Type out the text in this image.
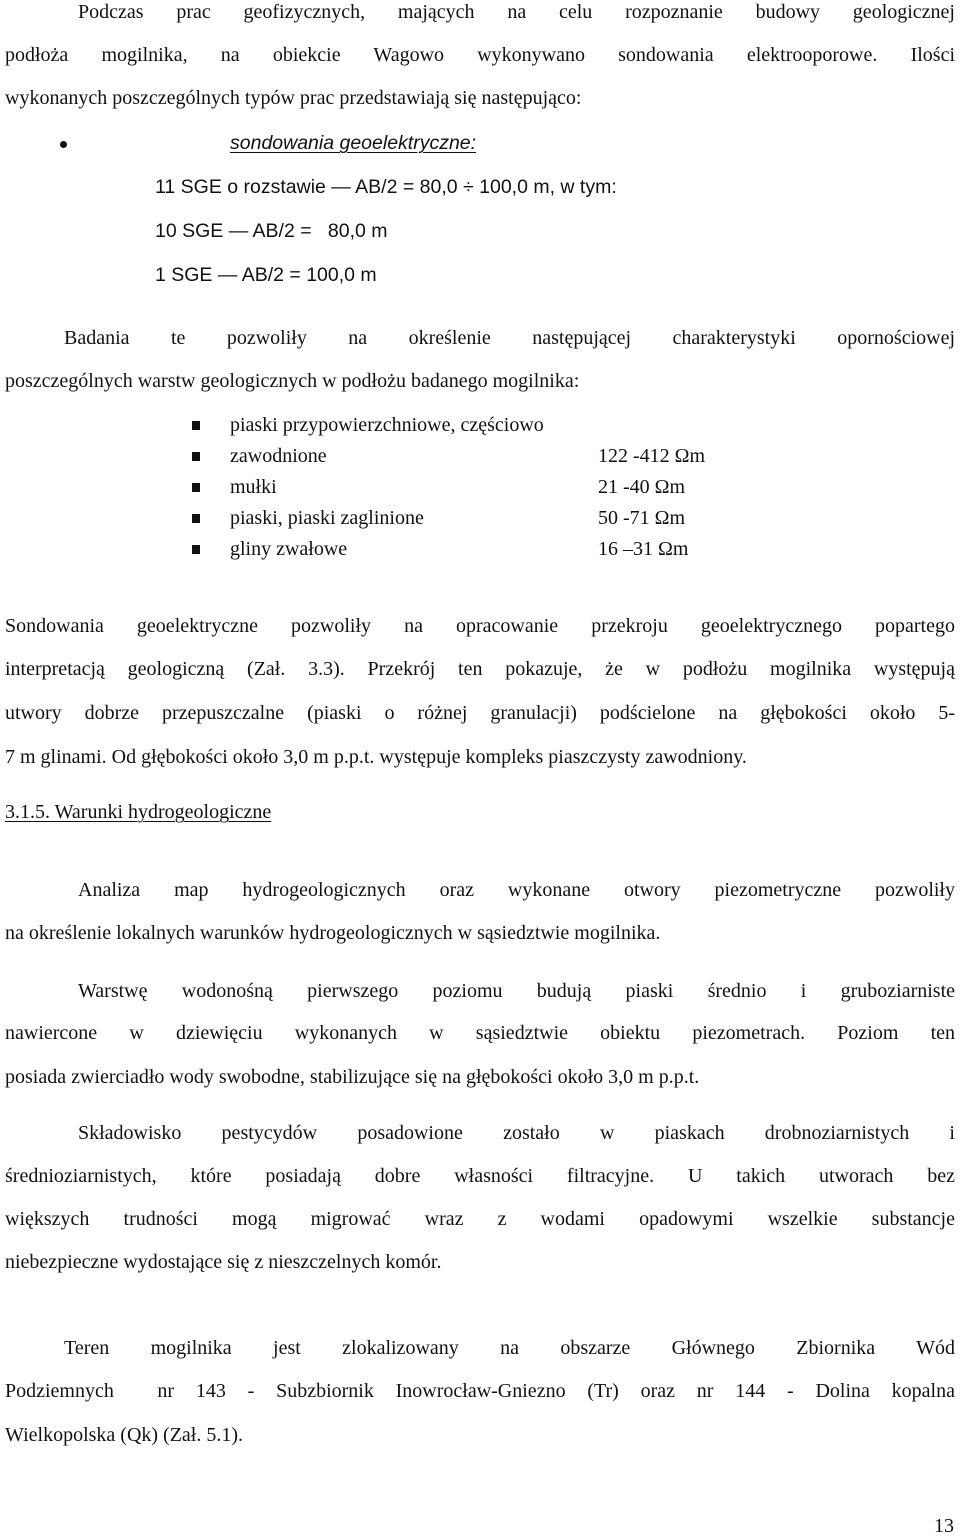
Podczas prac geofizycznych, mających na celu rozpoznanie budowy geologicznej
podłoża mogilnika, na obiekcie Wagowo wykonywano sondowania elektrooporowe. Ilości
wykonanych poszczególnych typów prac przedstawiają się następująco:
sondowania geoelektryczne:
11 SGE o rozstawie — AB/2 = 80,0 ÷ 100,0 m, w tym:
10 SGE — AB/2 =   80,0 m
1 SGE — AB/2 = 100,0 m
Badania te pozwoliły na określenie następującej charakterystyki opornościowej
poszczególnych warstw geologicznych w podłożu badanego mogilnika:
piaski przypowierzchniowe, częściowo
zawodnione	122 -412 Ωm
mułki	21 -40 Ωm
piaski, piaski zaglinione	50 -71 Ωm
gliny zwałowe	16 –31 Ωm
Sondowania geoelektryczne pozwoliły na opracowanie przekroju geoelektrycznego popartego
interpretacją geologiczną (Zał. 3.3). Przekrój ten pokazuje, że w podłożu mogilnika występują
utwory dobrze przepuszczalne (piaski o różnej granulacji) podścielone na głębokości około 5-
7 m glinami. Od głębokości około 3,0 m p.p.t. występuje kompleks piaszczysty zawodniony.
3.1.5. Warunki hydrogeologiczne
Analiza map hydrogeologicznych oraz wykonane otwory piezometryczne pozwoliły
na określenie lokalnych warunków hydrogeologicznych w sąsiedztwie mogilnika.
Warstwę wodonośną pierwszego poziomu budują piaski średnio i gruboziarniste
nawiercone w dziewięciu wykonanych w sąsiedztwie obiektu piezometrach. Poziom ten
posiada zwierciadło wody swobodne, stabilizujące się na głębokości około 3,0 m p.p.t.
Składowisko pestycydów posadowione zostało w piaskach drobnoziarnistych i
średnioziarnistych, które posiadają dobre własności filtracyjne. U takich utworach bez
większych trudności mogą migrować wraz z wodami opadowymi wszelkie substancje
niebezpieczne wydostające się z nieszczelnych komór.
Teren mogilnika jest zlokalizowany na obszarze Głównego Zbiornika Wód
Podziemnych  nr 143 - Subzbiornik Inowrocław-Gniezno (Tr) oraz nr 144 - Dolina kopalna
Wielkopolska (Qk) (Zał. 5.1).
13
